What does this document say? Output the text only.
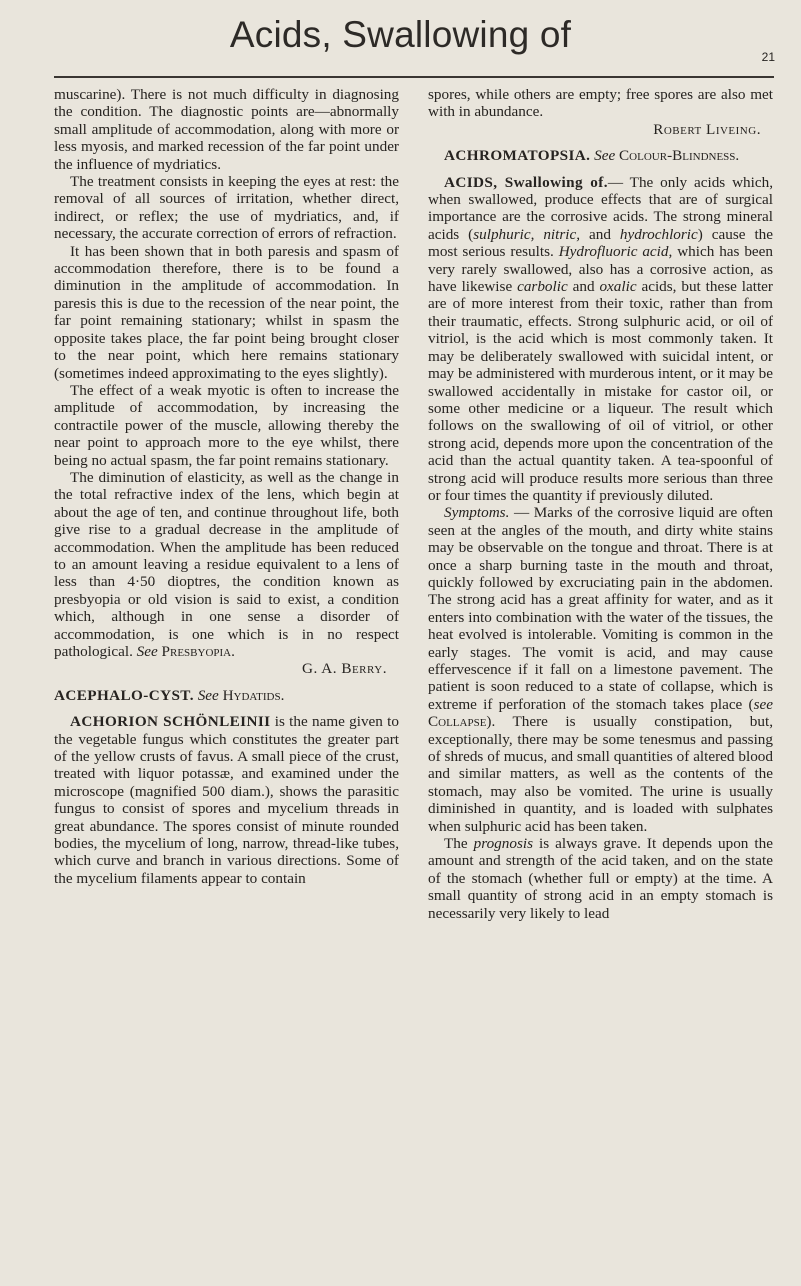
Acids, Swallowing of
21

muscarine). There is not much difficulty in diagnosing the condition. The diagnostic points are—abnormally small amplitude of accommodation, along with more or less myosis, and marked recession of the far point under the influence of mydriatics.

The treatment consists in keeping the eyes at rest: the removal of all sources of irritation, whether direct, indirect, or reflex; the use of mydriatics, and, if necessary, the accurate correction of errors of refraction.

It has been shown that in both paresis and spasm of accommodation therefore, there is to be found a diminution in the amplitude of accommodation. In paresis this is due to the recession of the near point, the far point remaining stationary; whilst in spasm the opposite takes place, the far point being brought closer to the near point, which here remains stationary (sometimes indeed approximating to the eyes slightly).

The effect of a weak myotic is often to increase the amplitude of accommodation, by increasing the contractile power of the muscle, allowing thereby the near point to approach more to the eye whilst, there being no actual spasm, the far point remains stationary.

The diminution of elasticity, as well as the change in the total refractive index of the lens, which begin at about the age of ten, and continue throughout life, both give rise to a gradual decrease in the amplitude of accommodation. When the amplitude has been reduced to an amount leaving a residue equivalent to a lens of less than 4·50 dioptres, the condition known as presbyopia or old vision is said to exist, a condition which, although in one sense a disorder of accommodation, is one which is in no respect pathological. See Presbyopia.

G. A. Berry.

ACEPHALO-CYST. See Hydatids.

ACHORION SCHÖNLEINII is the name given to the vegetable fungus which constitutes the greater part of the yellow crusts of favus. A small piece of the crust, treated with liquor potassæ, and examined under the microscope (magnified 500 diam.), shows the parasitic fungus to consist of spores and mycelium threads in great abundance. The spores consist of minute rounded bodies, the mycelium of long, narrow, thread-like tubes, which curve and branch in various directions. Some of the mycelium filaments appear to contain

spores, while others are empty; free spores are also met with in abundance.

Robert Liveing.

ACHROMATOPSIA. See Colour-Blindness.

ACIDS, Swallowing of.— The only acids which, when swallowed, produce effects that are of surgical importance are the corrosive acids. The strong mineral acids (sulphuric, nitric, and hydrochloric) cause the most serious results. Hydrofluoric acid, which has been very rarely swallowed, also has a corrosive action, as have likewise carbolic and oxalic acids, but these latter are of more interest from their toxic, rather than from their traumatic, effects. Strong sulphuric acid, or oil of vitriol, is the acid which is most commonly taken. It may be deliberately swallowed with suicidal intent, or may be administered with murderous intent, or it may be swallowed accidentally in mistake for castor oil, or some other medicine or a liqueur. The result which follows on the swallowing of oil of vitriol, or other strong acid, depends more upon the concentration of the acid than the actual quantity taken. A tea-spoonful of strong acid will produce results more serious than three or four times the quantity if previously diluted.

Symptoms. — Marks of the corrosive liquid are often seen at the angles of the mouth, and dirty white stains may be observable on the tongue and throat. There is at once a sharp burning taste in the mouth and throat, quickly followed by excruciating pain in the abdomen. The strong acid has a great affinity for water, and as it enters into combination with the water of the tissues, the heat evolved is intolerable. Vomiting is common in the early stages. The vomit is acid, and may cause effervescence if it fall on a limestone pavement. The patient is soon reduced to a state of collapse, which is extreme if perforation of the stomach takes place (see Collapse). There is usually constipation, but, exceptionally, there may be some tenesmus and passing of shreds of mucus, and small quantities of altered blood and similar matters, as well as the contents of the stomach, may also be vomited. The urine is usually diminished in quantity, and is loaded with sulphates when sulphuric acid has been taken.

The prognosis is always grave. It depends upon the amount and strength of the acid taken, and on the state of the stomach (whether full or empty) at the time. A small quantity of strong acid in an empty stomach is necessarily very likely to lead
